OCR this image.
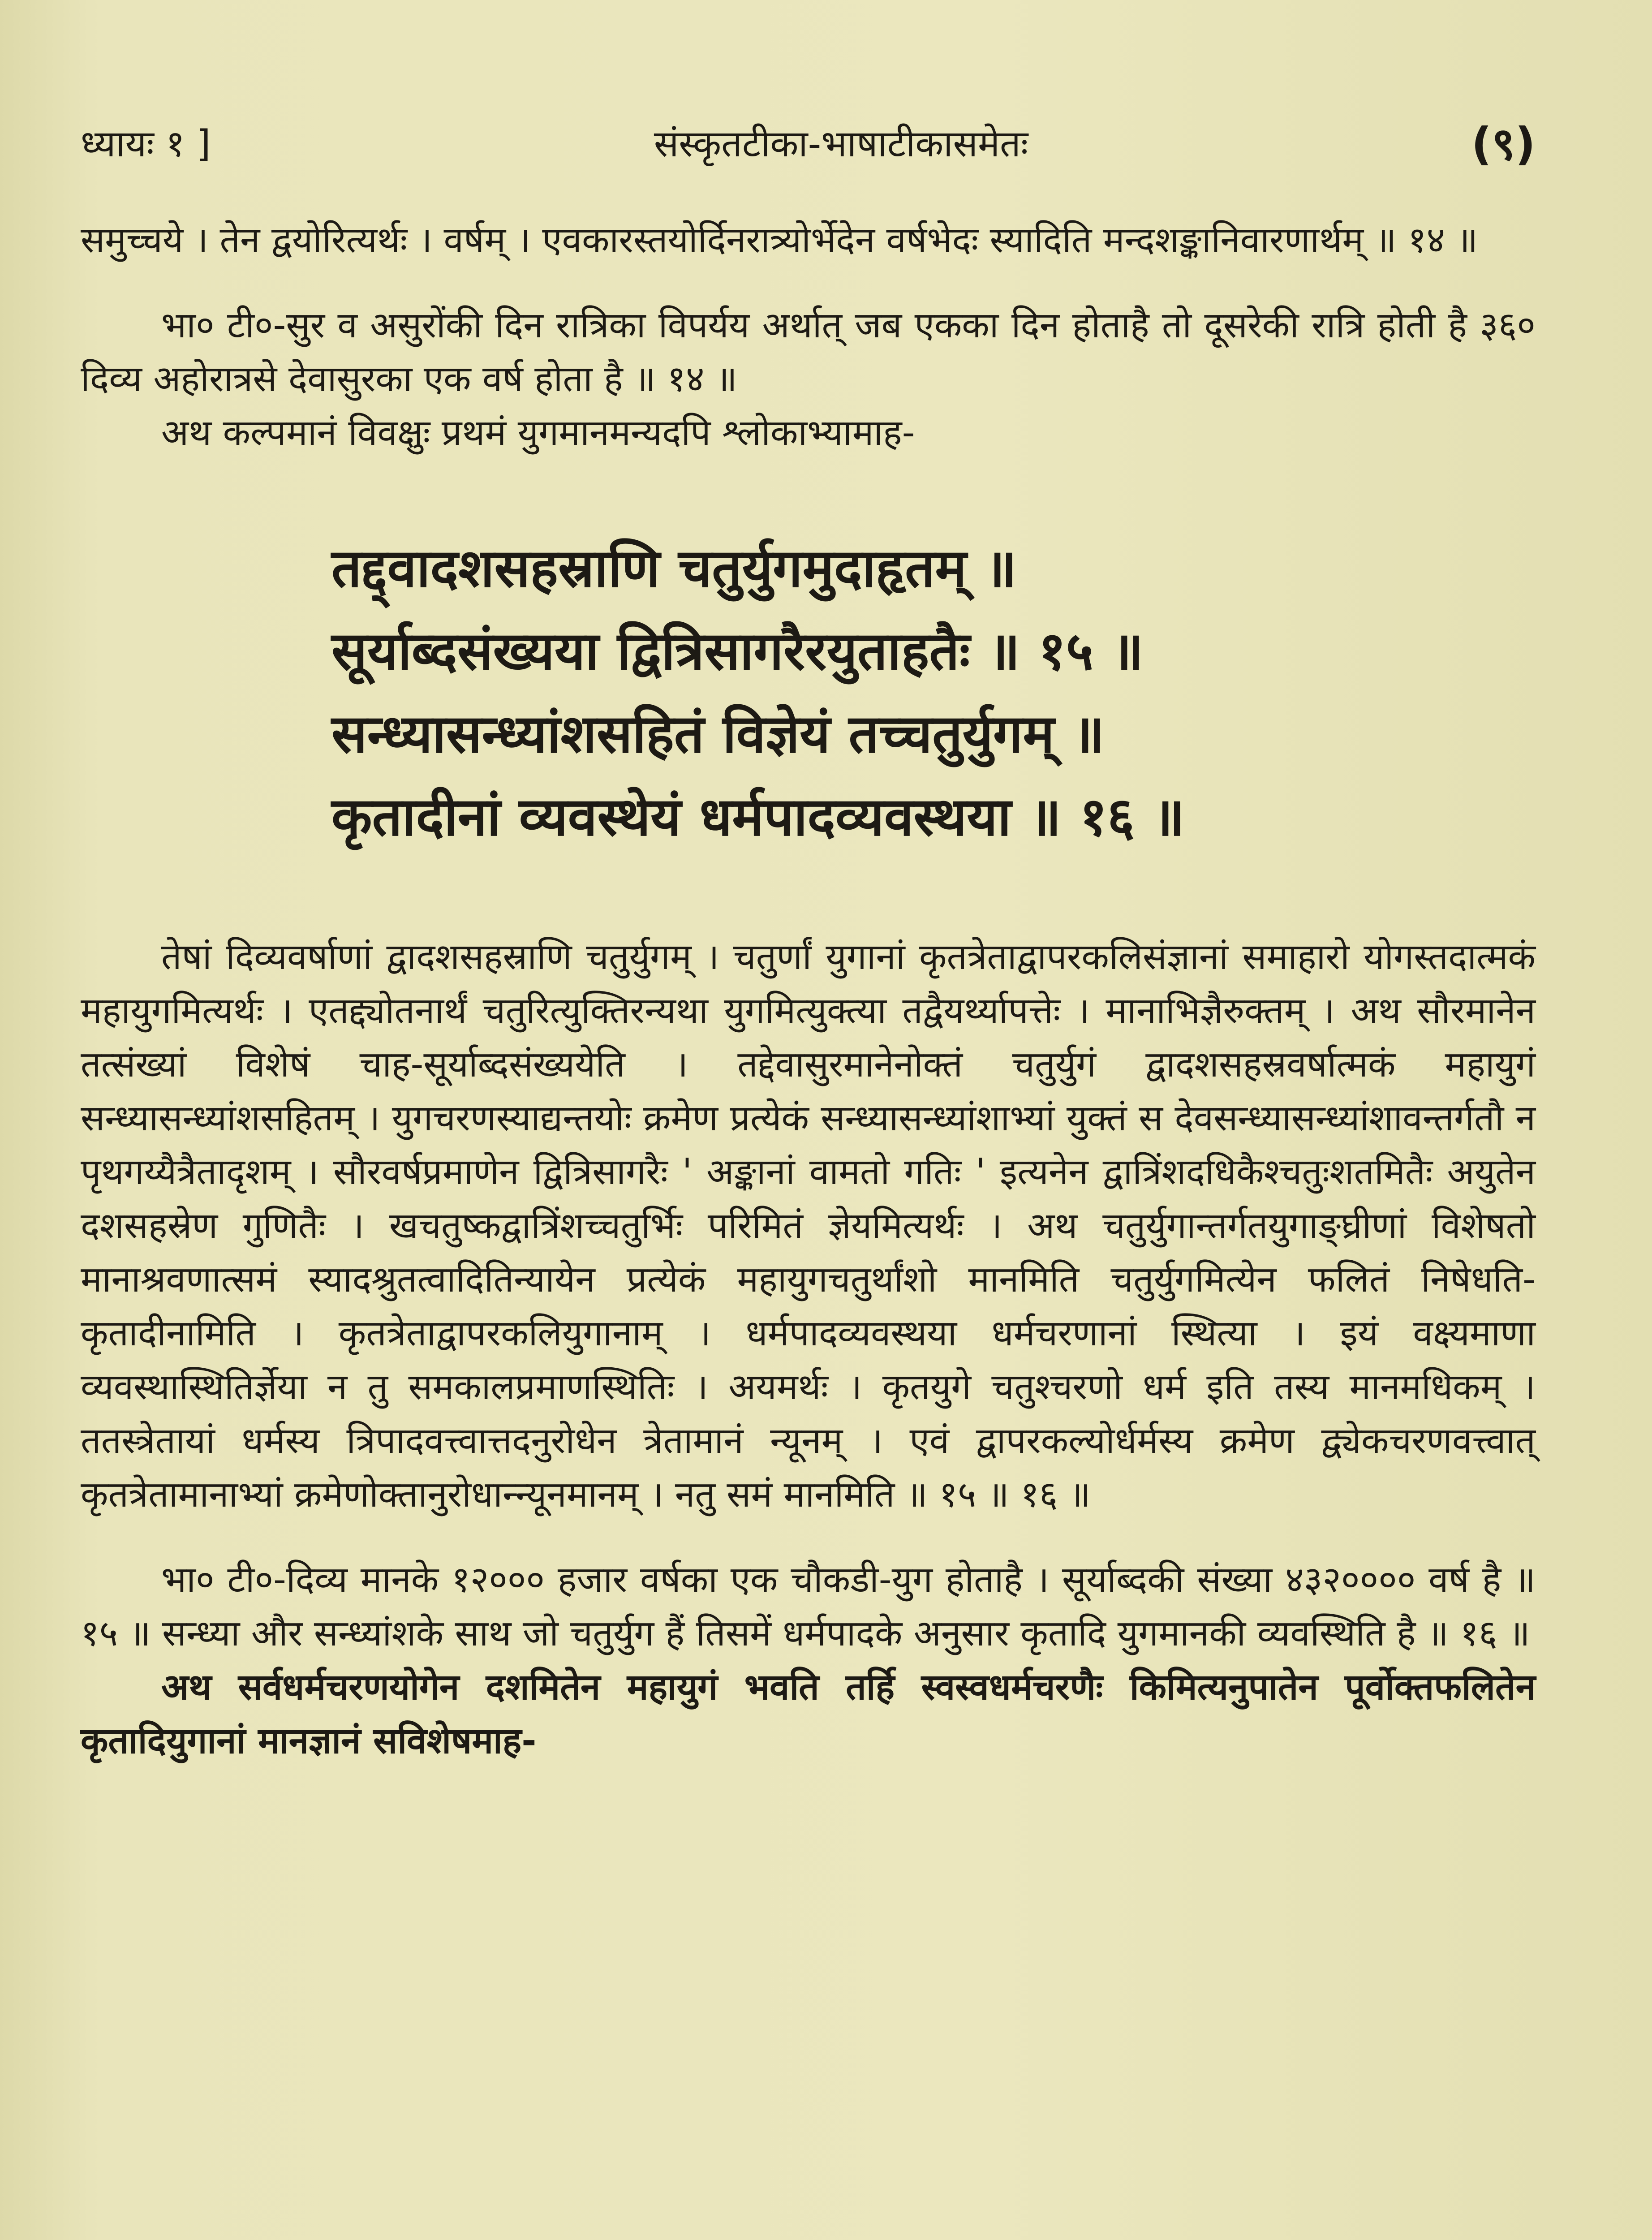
ध्यायः १ ]	संस्कृतटीका-भाषाटीकासमेतः	(९)

समुच्चये । तेन द्वयोरित्यर्थः । वर्षम् । एवकारस्तयोर्दिनरात्र्योर्भेदेन वर्षभेदः स्यादिति मन्दशङ्कानिवारणार्थम् ॥ १४ ॥

भा० टी०-सुर व असुरोंकी दिन रात्रिका विपर्यय अर्थात् जब एकका दिन होताहै तो दूसरेकी रात्रि होती है ३६० दिव्य अहोरात्रसे देवासुरका एक वर्ष होता है ॥ १४ ॥

अथ कल्पमानं विवक्षुः प्रथमं युगमानमन्यदपि श्लोकाभ्यामाह-

तद्द्वादशसहस्राणि चतुर्युगमुदाहृतम् ॥
सूर्याब्दसंख्यया द्वित्रिसागरैरयुताहतैः ॥ १५ ॥
सन्ध्यासन्ध्यांशसहितं विज्ञेयं तच्चतुर्युगम् ॥
कृतादीनां व्यवस्थेयं धर्मपादव्यवस्थया ॥ १६ ॥

तेषां दिव्यवर्षाणां द्वादशसहस्राणि चतुर्युगम् । चतुर्णां युगानां कृतत्रेताद्वापरकलिसंज्ञानां समाहारो योगस्तदात्मकं महायुगमित्यर्थः । एतद्द्योतनार्थं चतुरित्युक्तिरन्यथा युगमित्युक्त्या तद्वैयर्थ्यापत्तेः । मानाभिज्ञैरुक्तम् । अथ सौरमानेन तत्संख्यां विशेषं चाह-सूर्याब्दसंख्ययेति । तद्देवासुरमानेनोक्तं चतुर्युगं द्वादशसहस्रवर्षात्मकं महायुगं सन्ध्यासन्ध्यांशसहितम् । युगचरणस्याद्यन्तयोः क्रमेण प्रत्येकं सन्ध्यासन्ध्यांशाभ्यां युक्तं स देवसन्ध्यासन्ध्यांशावन्तर्गतौ न पृथगय्यैत्रैतादृशम् । सौरवर्षप्रमाणेन द्वित्रिसागरैः ' अङ्कानां वामतो गतिः ' इत्यनेन द्वात्रिंशदधिकैश्चतुःशतमितैः अयुतेन दशसहस्रेण गुणितैः । खचतुष्कद्वात्रिंशच्चतुर्भिः परिमितं ज्ञेयमित्यर्थः । अथ चतुर्युगान्तर्गतयुगाङ्घ्रीणां विशेषतो मानाश्रवणात्समं स्यादश्रुतत्वादितिन्यायेन प्रत्येकं महायुगचतुर्थांशो मानमिति चतुर्युगमित्येन फलितं निषेधति-कृतादीनामिति । कृतत्रेताद्वापरकलियुगानाम् । धर्मपादव्यवस्थया धर्मचरणानां स्थित्या । इयं वक्ष्यमाणा व्यवस्थास्थितिर्ज्ञेया न तु समकालप्रमाणस्थितिः । अयमर्थः । कृतयुगे चतुश्चरणो धर्म इति तस्य मानमधिकम् । ततस्त्रेतायां धर्मस्य त्रिपादवत्त्वात्तदनुरोधेन त्रेतामानं न्यूनम् । एवं द्वापरकल्योर्धर्मस्य क्रमेण द्व्येकचरणवत्त्वात् कृतत्रेतामानाभ्यां क्रमेणोक्तानुरोधान्न्यूनमानम् । नतु समं मानमिति ॥ १५ ॥ १६ ॥

भा० टी०-दिव्य मानके १२००० हजार वर्षका एक चौकडी-युग होताहै । सूर्याब्दकी संख्या ४३२०००० वर्ष है ॥ १५ ॥ सन्ध्या और सन्ध्यांशके साथ जो चतुर्युग हैं तिसमें धर्मपादके अनुसार कृतादि युगमानकी व्यवस्थिति है ॥ १६ ॥

अथ सर्वधर्मचरणयोगेन दशमितेन महायुगं भवति तर्हि स्वस्वधर्मचरणैः किमित्यनुपातेन पूर्वोक्तफलितेन कृतादियुगानां मानज्ञानं सविशेषमाह-
